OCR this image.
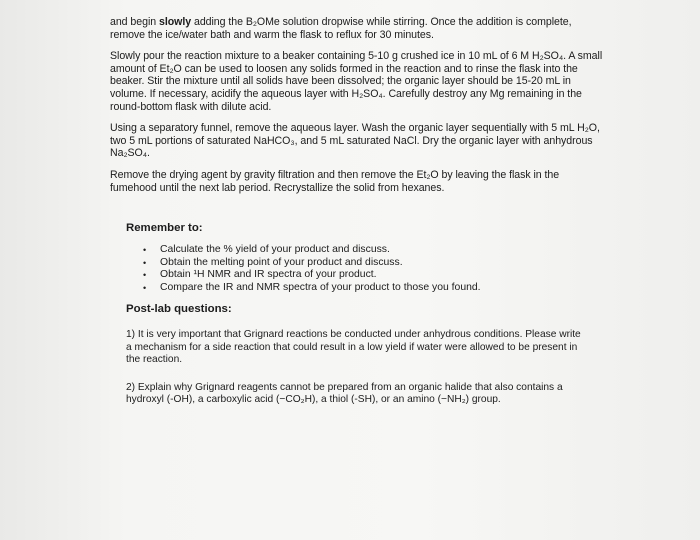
and begin slowly adding the B₂OMe solution dropwise while stirring. Once the addition is complete, remove the ice/water bath and warm the flask to reflux for 30 minutes.

Slowly pour the reaction mixture to a beaker containing 5-10 g crushed ice in 10 mL of 6 M H₂SO₄. A small amount of Et₂O can be used to loosen any solids formed in the reaction and to rinse the flask into the beaker. Stir the mixture until all solids have been dissolved; the organic layer should be 15-20 mL in volume. If necessary, acidify the aqueous layer with H₂SO₄. Carefully destroy any Mg remaining in the round-bottom flask with dilute acid.

Using a separatory funnel, remove the aqueous layer. Wash the organic layer sequentially with 5 mL H₂O, two 5 mL portions of saturated NaHCO₃, and 5 mL saturated NaCl. Dry the organic layer with anhydrous Na₂SO₄.

Remove the drying agent by gravity filtration and then remove the Et₂O by leaving the flask in the fumehood until the next lab period. Recrystallize the solid from hexanes.

Remember to:

• Calculate the % yield of your product and discuss.
• Obtain the melting point of your product and discuss.
• Obtain ¹H NMR and IR spectra of your product.
• Compare the IR and NMR spectra of your product to those you found.

Post-lab questions:

1) It is very important that Grignard reactions be conducted under anhydrous conditions. Please write a mechanism for a side reaction that could result in a low yield if water were allowed to be present in the reaction.

2) Explain why Grignard reagents cannot be prepared from an organic halide that also contains a hydroxyl (-OH), a carboxylic acid (−CO₂H), a thiol (-SH), or an amino (−NH₂) group.
